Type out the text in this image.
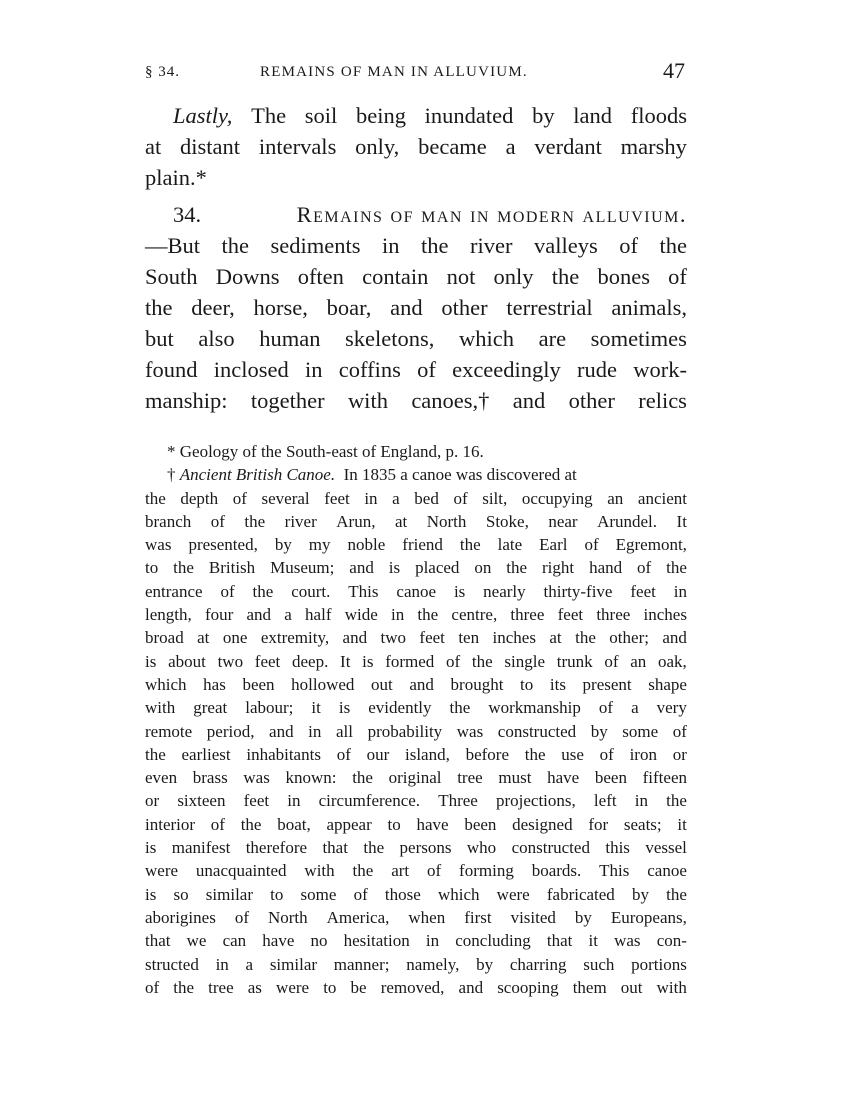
§ 34.	REMAINS OF MAN IN ALLUVIUM.	47
Lastly, The soil being inundated by land floods
at distant intervals only, became a verdant marshy
plain.*
34.	Remains of man in modern alluvium.
—But the sediments in the river valleys of the
South Downs often contain not only the bones of
the deer, horse, boar, and other terrestrial animals,
but also human skeletons, which are sometimes
found inclosed in coffins of exceedingly rude work-
manship: together with canoes,† and other relics
* Geology of the South-east of England, p. 16.
†
Ancient British Canoe.
In 1835 a canoe was discovered at
the depth of several feet in a bed of silt, occupying an ancient
branch of the river Arun, at North Stoke, near Arundel. It
was presented, by my noble friend the late Earl of Egremont,
to the British Museum; and is placed on the right hand of the
entrance of the court. This canoe is nearly thirty-five feet in
length, four and a half wide in the centre, three feet three inches
broad at one extremity, and two feet ten inches at the other; and
is about two feet deep. It is formed of the single trunk of an oak,
which has been hollowed out and brought to its present shape
with great labour; it is evidently the workmanship of a very
remote period, and in all probability was constructed by some of
the earliest inhabitants of our island, before the use of iron or
even brass was known: the original tree must have been fifteen
or sixteen feet in circumference. Three projections, left in the
interior of the boat, appear to have been designed for seats; it
is manifest therefore that the persons who constructed this vessel
were unacquainted with the art of forming boards. This canoe
is so similar to some of those which were fabricated by the
aborigines of North America, when first visited by Europeans,
that we can have no hesitation in concluding that it was con-
structed in a similar manner; namely, by charring such portions
of the tree as were to be removed, and scooping them out with
